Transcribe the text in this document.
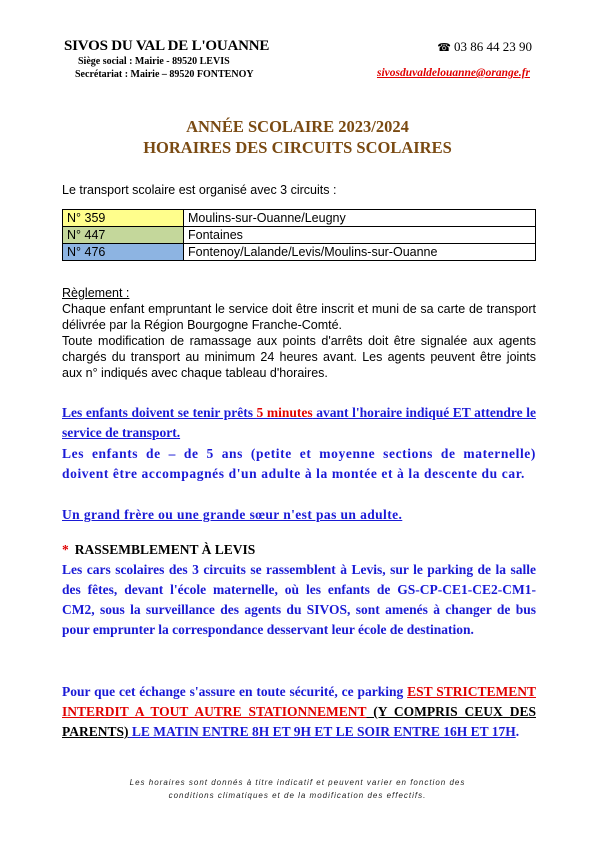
SIVOS DU VAL DE L'OUANNE	☎ 03 86 44 23 90
Siège social : Mairie - 89520 LEVIS
Secrétariat : Mairie – 89520 FONTENOY	sivosduvaldelouanne@orange.fr
ANNÉE SCOLAIRE 2023/2024
HORAIRES DES CIRCUITS SCOLAIRES
Le transport scolaire est organisé avec 3 circuits :
N° 359	Moulins-sur-Ouanne/Leugny
N° 447	Fontaines
N° 476	Fontenoy/Lalande/Levis/Moulins-sur-Ouanne
Règlement :
Chaque enfant empruntant le service doit être inscrit et muni de sa carte de transport délivrée par la Région Bourgogne Franche-Comté.
Toute modification de ramassage aux points d'arrêts doit être signalée aux agents chargés du transport au minimum 24 heures avant. Les agents peuvent être joints aux n° indiqués avec chaque tableau d'horaires.
Les enfants doivent se tenir prêts 5 minutes avant l'horaire indiqué ET attendre le service de transport.
Les enfants de – de 5 ans (petite et moyenne sections de maternelle) doivent être accompagnés d'un adulte à la montée et à la descente du car.
Un grand frère ou une grande sœur n'est pas un adulte.
* RASSEMBLEMENT À LEVIS
Les cars scolaires des 3 circuits se rassemblent à Levis, sur le parking de la salle des fêtes, devant l'école maternelle, où les enfants de GS-CP-CE1-CE2-CM1-CM2, sous la surveillance des agents du SIVOS, sont amenés à changer de bus pour emprunter la correspondance desservant leur école de destination.
Pour que cet échange s'assure en toute sécurité, ce parking EST STRICTEMENT INTERDIT A TOUT AUTRE STATIONNEMENT (Y COMPRIS CEUX DES PARENTS) LE MATIN ENTRE 8H ET 9H ET LE SOIR ENTRE 16H ET 17H.
Les horaires sont donnés à titre indicatif et peuvent varier en fonction des
conditions climatiques et de la modification des effectifs.
